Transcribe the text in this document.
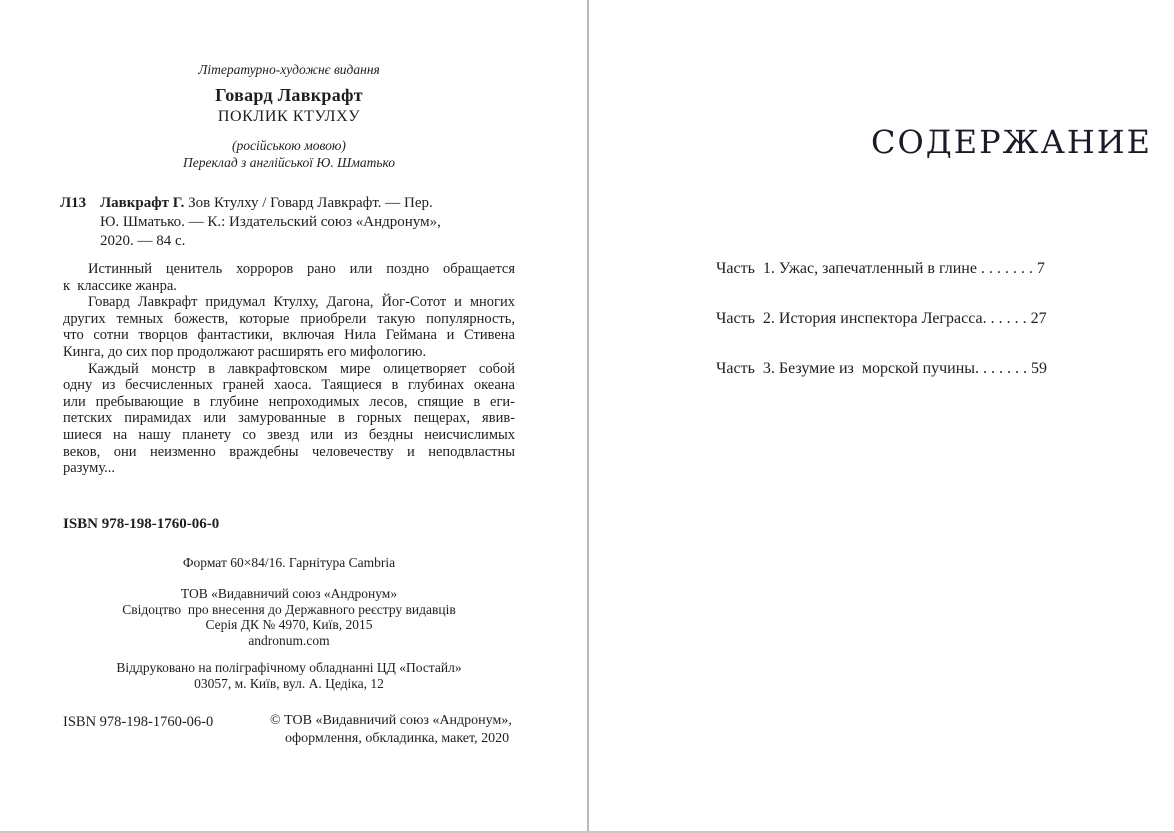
Літературно-художнє видання
Говард Лавкрафт
ПОКЛИК КТУЛХУ
(російською мовою)
Переклад з англійської Ю. Шматько
Л13 Лавкрафт Г. Зов Ктулху / Говард Лавкрафт. — Пер.
Ю. Шматько. — К.: Издательский союз «Андронум»,
2020. — 84 с.
Истинный ценитель хорроров рано или поздно обращается
к  классике жанра.
Говард Лавкрафт придумал Ктулху, Дагона, Йог-Сотот и многих
других темных божеств, которые приобрели такую популярность,
что сотни творцов фантастики, включая Нила Геймана и Стивена
Кинга, до сих пор продолжают расширять его мифологию.
Каждый монстр в лавкрафтовском мире олицетворяет собой
одну из бесчисленных граней хаоса. Таящиеся в глубинах океана
или пребывающие в глубине непроходимых лесов, спящие в еги-
петских пирамидах или замурованные в горных пещерах, явив-
шиеся на нашу планету со звезд или из бездны неисчислимых
веков, они неизменно враждебны человечеству и неподвластны
разуму...
ISBN 978-198-1760-06-0
Формат 60×84/16. Гарнітура Cambria
ТОВ «Видавничий союз «Андронум»
Свідоцтво  про внесення до Державного реєстру видавців
Серія ДК № 4970, Київ, 2015
andronum.com
Віддруковано на поліграфічному обладнанні ЦД «Постайл»
03057, м. Київ, вул. А. Цедіка, 12
ISBN 978-198-1760-06-0	© ТОВ «Видавничий союз «Андронум»,
оформлення, обкладинка, макет, 2020
СОДЕРЖАНИЕ
Часть  1. Ужас, запечатленный в глине . . . . . . . 7
Часть  2. История инспектора Леграсса. . . . . . 27
Часть  3. Безумие из  морской пучины. . . . . . . 59
